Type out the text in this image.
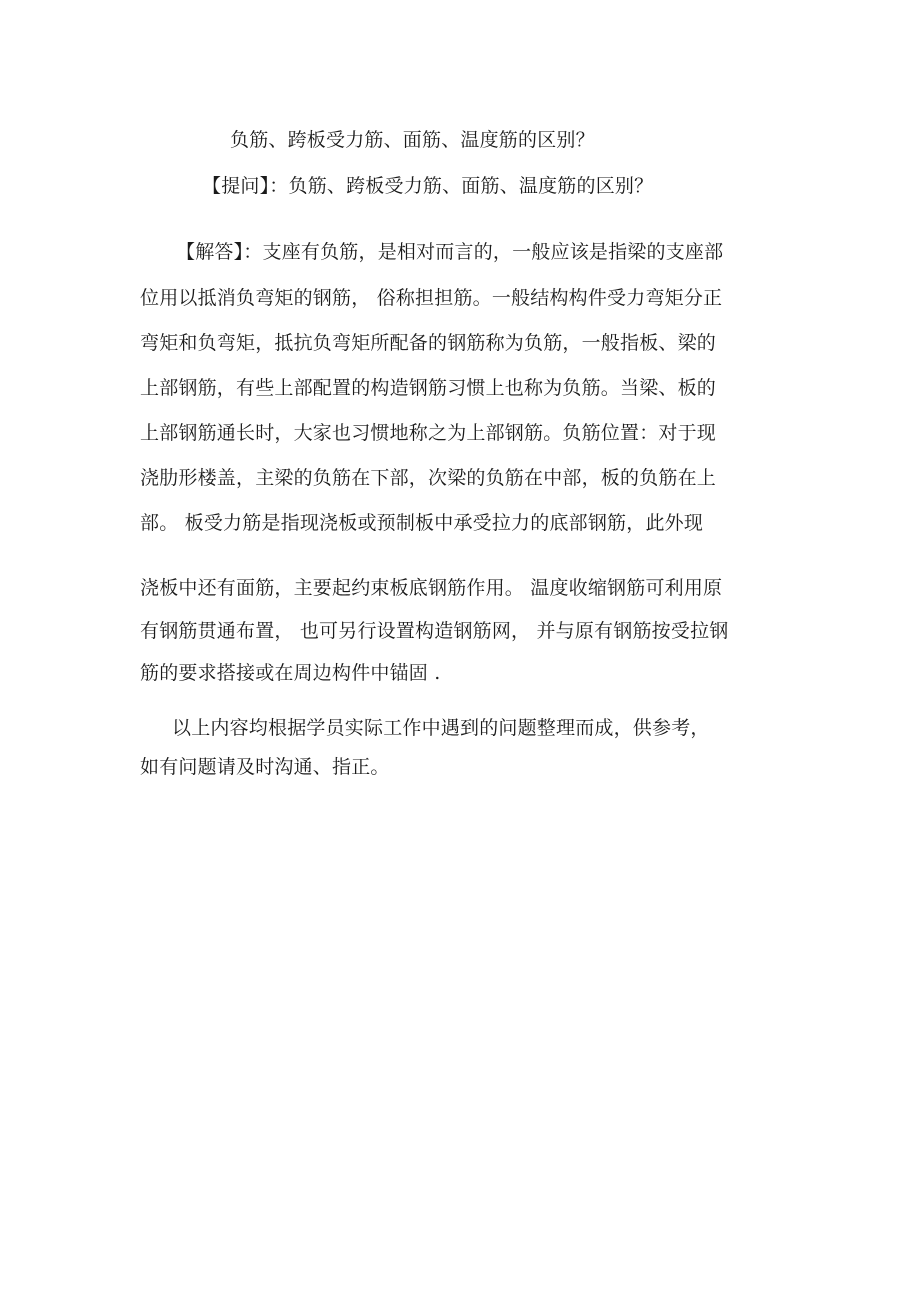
负筋、跨板受力筋、面筋、温度筋的区别？

【提问】：负筋、跨板受力筋、面筋、温度筋的区别？

【解答】：支座有负筋，是相对而言的，一般应该是指梁的支座部

位用以抵消负弯矩的钢筋， 俗称担担筋。一般结构构件受力弯矩分正

弯矩和负弯矩，抵抗负弯矩所配备的钢筋称为负筋，一般指板、梁的

上部钢筋，有些上部配置的构造钢筋习惯上也称为负筋。当梁、板的

上部钢筋通长时，大家也习惯地称之为上部钢筋。负筋位置：对于现

浇肋形楼盖，主梁的负筋在下部，次梁的负筋在中部，板的负筋在上

部。 板受力筋是指现浇板或预制板中承受拉力的底部钢筋，此外现

浇板中还有面筋，主要起约束板底钢筋作用。 温度收缩钢筋可利用原

有钢筋贯通布置， 也可另行设置构造钢筋网， 并与原有钢筋按受拉钢

筋的要求搭接或在周边构件中锚固 .

以上内容均根据学员实际工作中遇到的问题整理而成，供参考，

如有问题请及时沟通、指正。
